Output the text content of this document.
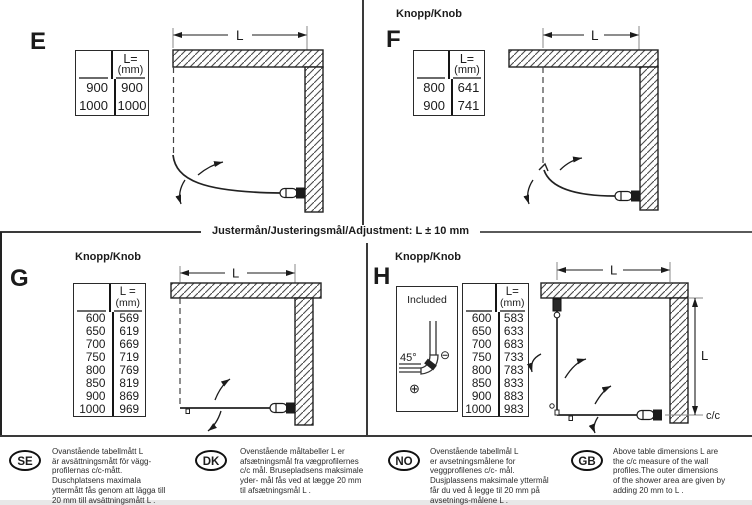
E

L=
(mm)
900	900
1000 1000
L
Knopp/Knob
F

L=
(mm)
800 641
900 741
L
Justermån/Justeringsmål/Adjustment: L ± 10 mm
Knopp/Knob
G

	L =
(mm)
600	569
650	619
700	669
750	719
800	769
850	819
900	869
1000	969
L
Knopp/Knob
H
Included
45° ⊖
⊕

L=
(mm)
600	583
650	633
700	683
750	733
800	783
850	833
900	883
1000	983
L
L
c/c
SE
Ovanstående tabellmått L
är avsättningsmått för vägg-
profilernas c/c-mått.
Duschplatsens maximala
yttermått fås genom att lägga till
20 mm till avsättningsmått L .
DK
Ovenstående måltabeller L er
afsætningsmål fra vægprofilernes
c/c mål. Brusepladsens maksimale
yder- mål fås ved at lægge 20 mm
til afsætningsmål L .
NO
Ovenstående tabellmål L
er avsetningsmålene for
veggprofilenes c/c- mål.
Dusjplassens maksimale yttermål
får du ved å legge til 20 mm på
avsetnings-målene L .
GB
Above table dimensions L are
the c/c measure of the wall
profiles.The outer dimensions
of the shower area are given by
adding 20 mm to L .
